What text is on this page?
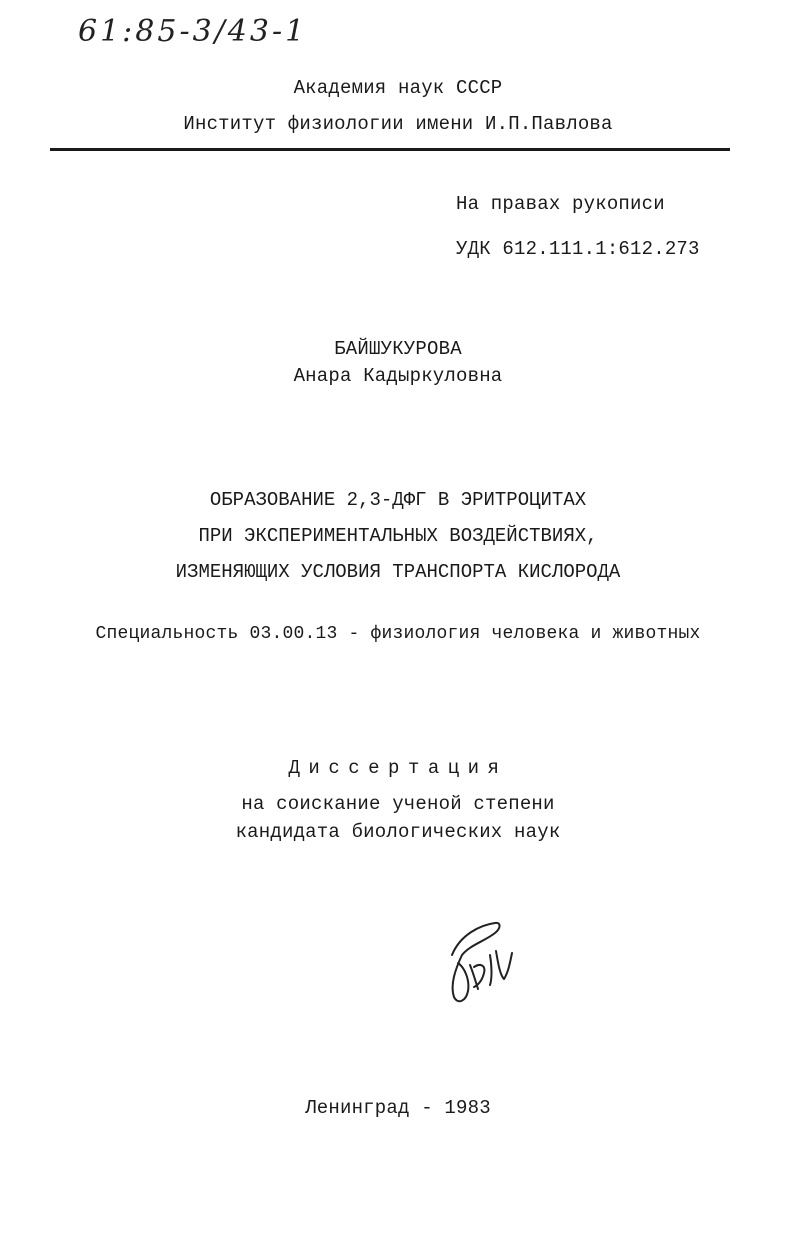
61:85-3/43-1
Академия наук СССР
Институт физиологии имени И.П.Павлова
На правах рукописи
УДК 612.111.1:612.273
БАЙШУКУРОВА
Анара Кадыркуловна
ОБРАЗОВАНИЕ 2,3-ДФГ В ЭРИТРОЦИТАХ
ПРИ ЭКСПЕРИМЕНТАЛЬНЫХ ВОЗДЕЙСТВИЯХ,
ИЗМЕНЯЮЩИХ УСЛОВИЯ ТРАНСПОРТА КИСЛОРОДА
Специальность 03.00.13 - физиология человека и животных
Диссертация
на соискание ученой степени
кандидата биологических наук
Ленинград - 1983
